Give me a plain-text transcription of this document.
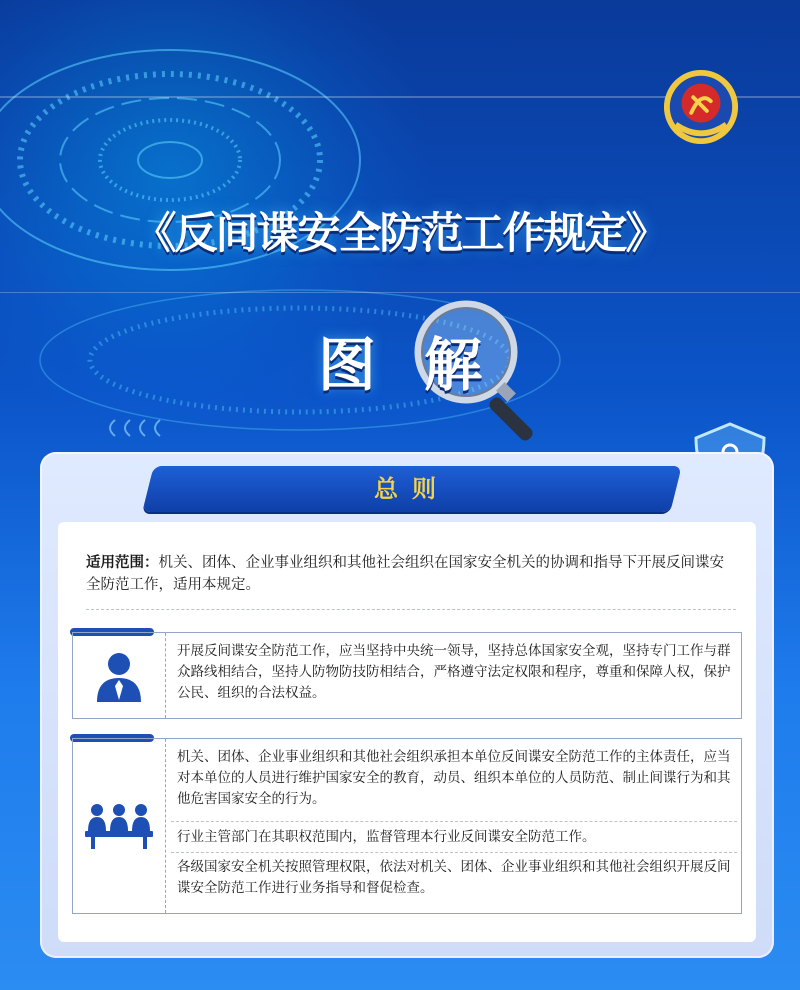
《反间谍安全防范工作规定》
图 解
总则
适用范围：机关、团体、企业事业组织和其他社会组织在国家安全机关的协调和指导下开展反间谍安全防范工作，适用本规定。
开展反间谍安全防范工作，应当坚持中央统一领导，坚持总体国家安全观，坚持专门工作与群众路线相结合，坚持人防物防技防相结合，严格遵守法定权限和程序，尊重和保障人权，保护公民、组织的合法权益。
机关、团体、企业事业组织和其他社会组织承担本单位反间谍安全防范工作的主体责任，应当对本单位的人员进行维护国家安全的教育，动员、组织本单位的人员防范、制止间谍行为和其他危害国家安全的行为。
行业主管部门在其职权范围内，监督管理本行业反间谍安全防范工作。
各级国家安全机关按照管理权限，依法对机关、团体、企业事业组织和其他社会组织开展反间谍安全防范工作进行业务指导和督促检查。
